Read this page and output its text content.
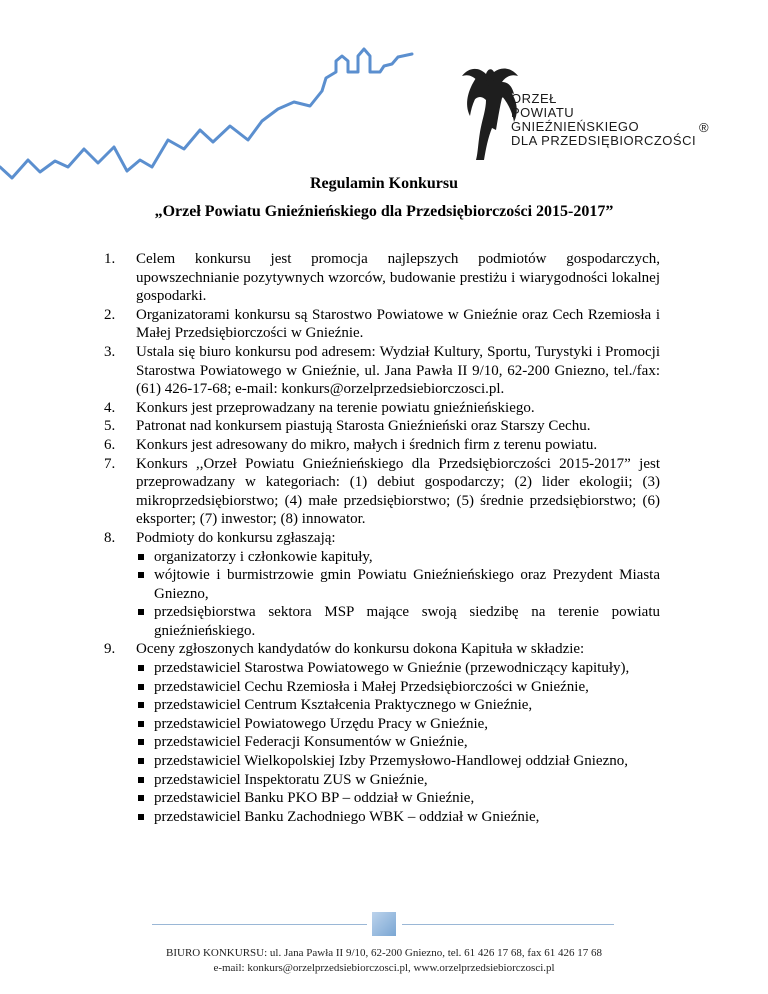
ORZEŁ
POWIATU
GNIEŹNIEŃSKIEGO
DLA PRZEDSIĘBIORCZOŚCI
®
Regulamin Konkursu
„Orzeł Powiatu Gnieźnieńskiego dla Przedsiębiorczości 2015-2017”
1. Celem konkursu jest promocja najlepszych podmiotów gospodarczych, upowszechnianie pozytywnych wzorców, budowanie prestiżu i wiarygodności lokalnej gospodarki.
2. Organizatorami konkursu są Starostwo Powiatowe w Gnieźnie oraz Cech Rzemiosła i Małej Przedsiębiorczości w Gnieźnie.
3. Ustala się biuro konkursu pod adresem: Wydział Kultury, Sportu, Turystyki i Promocji Starostwa Powiatowego w Gnieźnie, ul. Jana Pawła II 9/10, 62-200 Gniezno, tel./fax: (61) 426-17-68; e-mail: konkurs@orzelprzedsiebiorczosci.pl.
4. Konkurs jest przeprowadzany na terenie powiatu gnieźnieńskiego.
5. Patronat nad konkursem piastują Starosta Gnieźnieński oraz Starszy Cechu.
6. Konkurs jest adresowany do mikro, małych i średnich firm z terenu powiatu.
7. Konkurs ,,Orzeł Powiatu Gnieźnieńskiego dla Przedsiębiorczości 2015-2017” jest przeprowadzany w kategoriach: (1) debiut gospodarczy; (2) lider ekologii; (3) mikroprzedsiębiorstwo; (4) małe przedsiębiorstwo; (5) średnie przedsiębiorstwo; (6) eksporter; (7) inwestor; (8) innowator.
8. Podmioty do konkursu zgłaszają:
organizatorzy i członkowie kapituły,
wójtowie i burmistrzowie gmin Powiatu Gnieźnieńskiego oraz Prezydent Miasta Gniezno,
przedsiębiorstwa sektora MSP mające swoją siedzibę na terenie powiatu gnieźnieńskiego.
9. Oceny zgłoszonych kandydatów do konkursu dokona Kapituła w składzie:
przedstawiciel Starostwa Powiatowego w Gnieźnie (przewodniczący kapituły),
przedstawiciel Cechu Rzemiosła i Małej Przedsiębiorczości w Gnieźnie,
przedstawiciel Centrum Kształcenia Praktycznego w Gnieźnie,
przedstawiciel Powiatowego Urzędu Pracy w Gnieźnie,
przedstawiciel Federacji Konsumentów w Gnieźnie,
przedstawiciel Wielkopolskiej Izby Przemysłowo-Handlowej oddział Gniezno,
przedstawiciel Inspektoratu ZUS w Gnieźnie,
przedstawiciel Banku PKO BP – oddział w Gnieźnie,
przedstawiciel Banku Zachodniego WBK – oddział w Gnieźnie,
BIURO KONKURSU: ul. Jana Pawła II 9/10, 62-200 Gniezno, tel. 61 426 17 68, fax 61 426 17 68
e-mail: konkurs@orzelprzedsiebiorczosci.pl, www.orzelprzedsiebiorczosci.pl
